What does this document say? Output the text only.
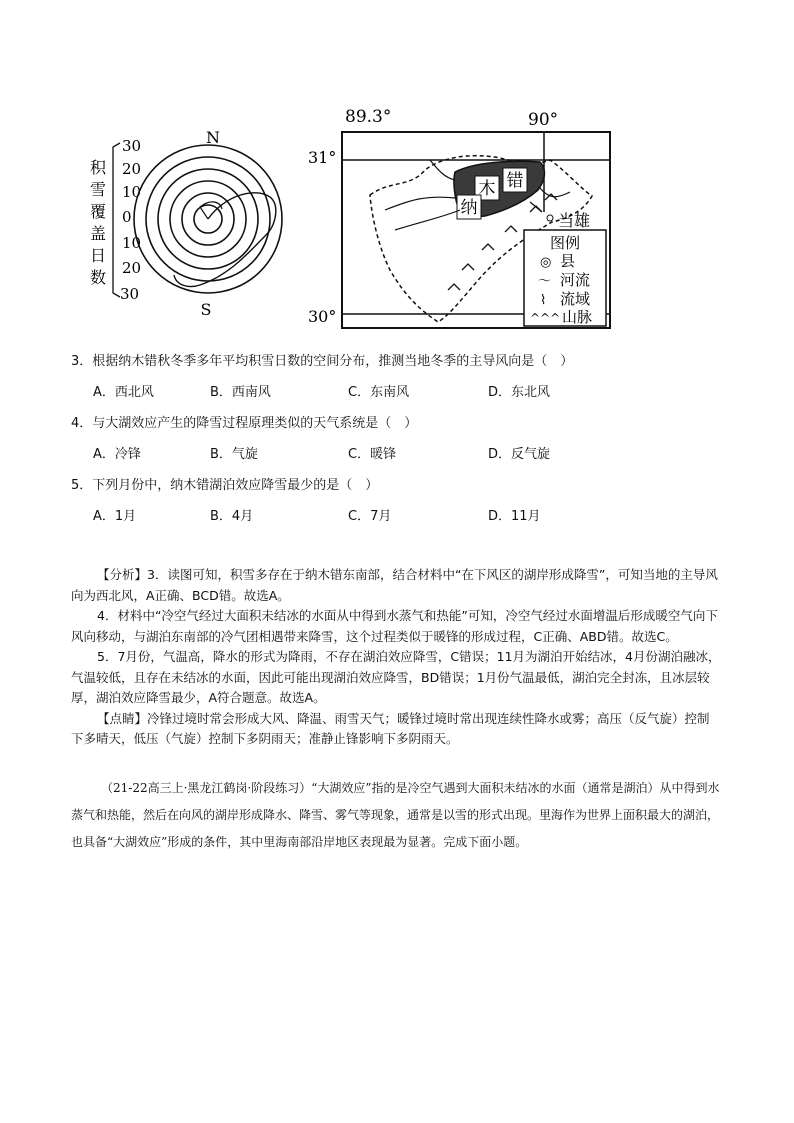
积
雪
覆
盖
日
数
30
20
10
0
10
20
30
N
S
89.3°	90°
31°
30°
纳
木 错
当雄
图例
◎ 县
〜 河流
⌇ 流域
^^^ 山脉
3．根据纳木错秋冬季多年平均积雪日数的空间分布，推测当地冬季的主导风向是（　）
A．西北风	B．西南风	C．东南风	D．东北风
4．与大湖效应产生的降雪过程原理类似的天气系统是（　）
A．冷锋	B．气旋	C．暖锋	D．反气旋
5．下列月份中，纳木错湖泊效应降雪最少的是（　）
A．1月	B．4月	C．7月	D．11月

【分析】3．读图可知，积雪多存在于纳木错东南部，结合材料中“在下风区的湖岸形成降雪”，可知当地的主导风向为西北风，A正确、BCD错。故选A。

4．材料中“冷空气经过大面积未结冰的水面从中得到水蒸气和热能”可知，冷空气经过水面增温后形成暖空气向下风向移动，与湖泊东南部的冷气团相遇带来降雪，这个过程类似于暖锋的形成过程，C正确、ABD错。故选C。

5．7月份，气温高，降水的形式为降雨，不存在湖泊效应降雪，C错误；11月为湖泊开始结冰，4月份湖泊融冰，气温较低，且存在未结冰的水面，因此可能出现湖泊效应降雪，BD错误；1月份气温最低，湖泊完全封冻，且冰层较厚，湖泊效应降雪最少，A符合题意。故选A。

【点睛】冷锋过境时常会形成大风、降温、雨雪天气；暖锋过境时常出现连续性降水或雾；高压（反气旋）控制下多晴天，低压（气旋）控制下多阴雨天；准静止锋影响下多阴雨天。

（21-22高三上·黑龙江鹤岗·阶段练习）“大湖效应”指的是冷空气遇到大面积未结冰的水面（通常是湖泊）从中得到水蒸气和热能，然后在向风的湖岸形成降水、降雪、雾气等现象，通常是以雪的形式出现。里海作为世界上面积最大的湖泊，也具备“大湖效应”形成的条件，其中里海南部沿岸地区表现最为显著。完成下面小题。
